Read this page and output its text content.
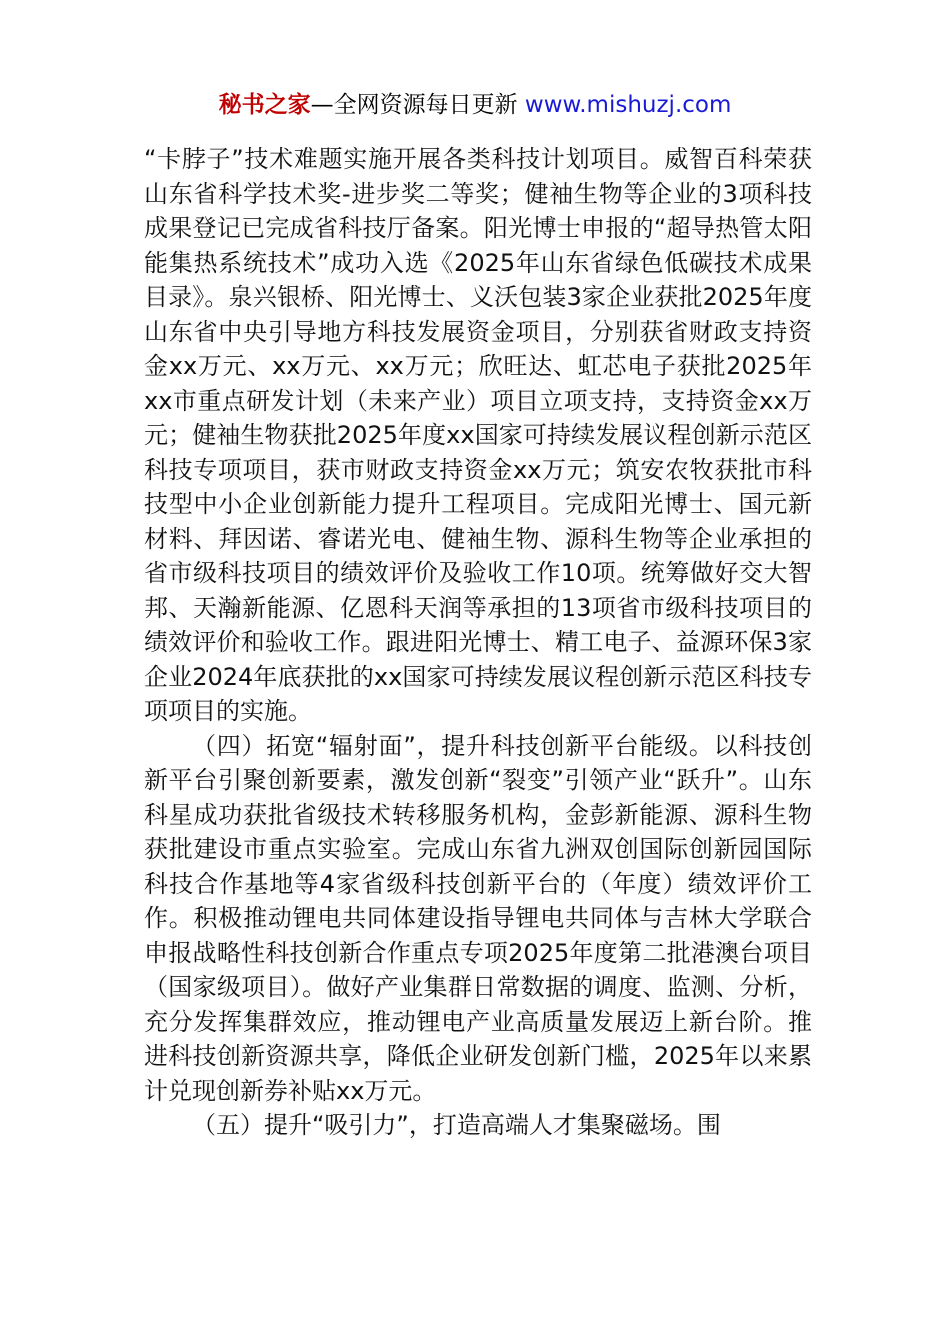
秘书之家—全网资源每日更新 www.mishuzj.com

“卡脖子”技术难题实施开展各类科技计划项目。威智百科荣获山东省科学技术奖-进步奖二等奖；健袖生物等企业的3项科技成果登记已完成省科技厅备案。阳光博士申报的“超导热管太阳能集热系统技术”成功入选《2025年山东省绿色低碳技术成果目录》。泉兴银桥、阳光博士、义沃包装3家企业获批2025年度山东省中央引导地方科技发展资金项目，分别获省财政支持资金xx万元、xx万元、xx万元；欣旺达、虹芯电子获批2025年xx市重点研发计划（未来产业）项目立项支持，支持资金xx万元；健袖生物获批2025年度xx国家可持续发展议程创新示范区科技专项项目，获市财政支持资金xx万元；筑安农牧获批市科技型中小企业创新能力提升工程项目。完成阳光博士、国元新材料、拜因诺、睿诺光电、健袖生物、源科生物等企业承担的省市级科技项目的绩效评价及验收工作10项。统筹做好交大智邦、天瀚新能源、亿恩科天润等承担的13项省市级科技项目的绩效评价和验收工作。跟进阳光博士、精工电子、益源环保3家企业2024年底获批的xx国家可持续发展议程创新示范区科技专项项目的实施。

（四）拓宽“辐射面”，提升科技创新平台能级。以科技创新平台引聚创新要素，激发创新“裂变”引领产业“跃升”。山东科星成功获批省级技术转移服务机构，金彭新能源、源科生物获批建设市重点实验室。完成山东省九洲双创国际创新园国际科技合作基地等4家省级科技创新平台的（年度）绩效评价工作。积极推动锂电共同体建设指导锂电共同体与吉林大学联合申报战略性科技创新合作重点专项2025年度第二批港澳台项目（国家级项目）。做好产业集群日常数据的调度、监测、分析，充分发挥集群效应，推动锂电产业高质量发展迈上新台阶。推进科技创新资源共享，降低企业研发创新门槛，2025年以来累计兑现创新券补贴xx万元。

（五）提升“吸引力”，打造高端人才集聚磁场。围
